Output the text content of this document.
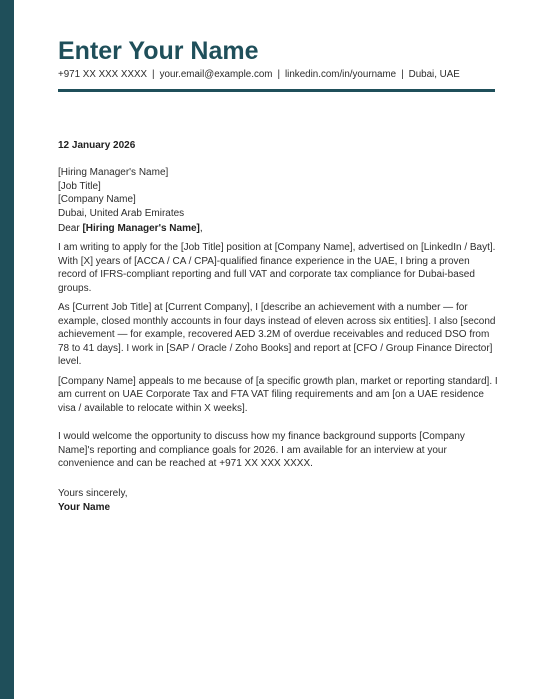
Enter Your Name
+971 XX XXX XXXX | your.email@example.com | linkedin.com/in/yourname | Dubai, UAE
12 January 2026
[Hiring Manager's Name]
[Job Title]
[Company Name]
Dubai, United Arab Emirates
Dear [Hiring Manager's Name],
I am writing to apply for the [Job Title] position at [Company Name], advertised on [LinkedIn / Bayt]. With [X] years of [ACCA / CA / CPA]-qualified finance experience in the UAE, I bring a proven record of IFRS-compliant reporting and full VAT and corporate tax compliance for Dubai-based groups.
As [Current Job Title] at [Current Company], I [describe an achievement with a number — for example, closed monthly accounts in four days instead of eleven across six entities]. I also [second achievement — for example, recovered AED 3.2M of overdue receivables and reduced DSO from 78 to 41 days]. I work in [SAP / Oracle / Zoho Books] and report at [CFO / Group Finance Director] level.
[Company Name] appeals to me because of [a specific growth plan, market or reporting standard]. I am current on UAE Corporate Tax and FTA VAT filing requirements and am [on a UAE residence visa / available to relocate within X weeks].
I would welcome the opportunity to discuss how my finance background supports [Company Name]'s reporting and compliance goals for 2026. I am available for an interview at your convenience and can be reached at +971 XX XXX XXXX.
Yours sincerely,
Your Name
